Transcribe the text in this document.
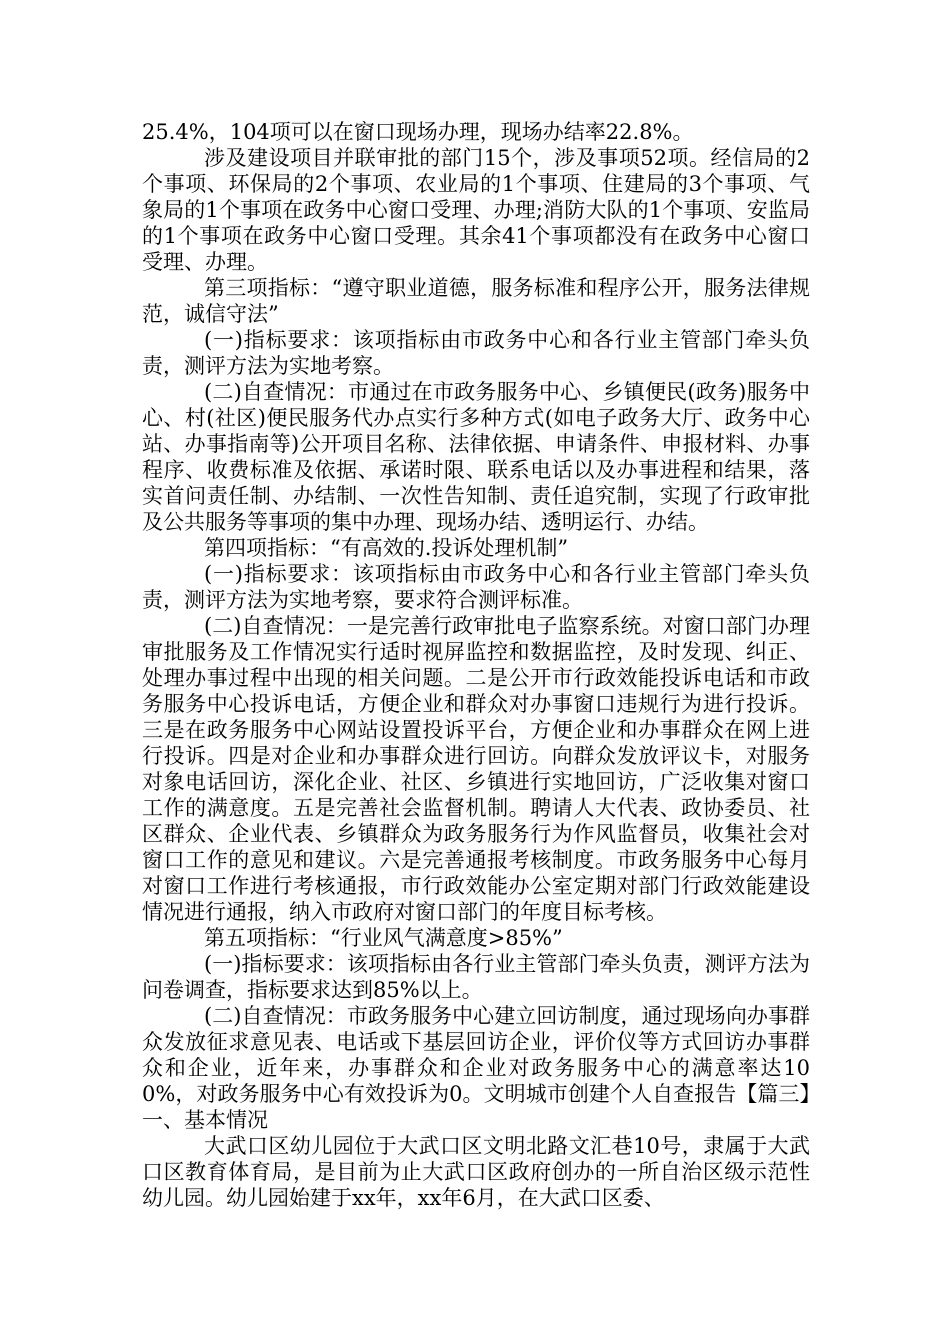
25.4%，104项可以在窗口现场办理，现场办结率22.8%。

涉及建设项目并联审批的部门15个，涉及事项52项。经信局的2个事项、环保局的2个事项、农业局的1个事项、住建局的3个事项、气象局的1个事项在政务中心窗口受理、办理;消防大队的1个事项、安监局的1个事项在政务中心窗口受理。其余41个事项都没有在政务中心窗口受理、办理。

第三项指标：“遵守职业道德，服务标准和程序公开，服务法律规范，诚信守法”

(一)指标要求：该项指标由市政务中心和各行业主管部门牵头负责，测评方法为实地考察。

(二)自查情况：市通过在市政务服务中心、乡镇便民(政务)服务中心、村(社区)便民服务代办点实行多种方式(如电子政务大厅、政务中心站、办事指南等)公开项目名称、法律依据、申请条件、申报材料、办事程序、收费标准及依据、承诺时限、联系电话以及办事进程和结果，落实首问责任制、办结制、一次性告知制、责任追究制，实现了行政审批及公共服务等事项的集中办理、现场办结、透明运行、办结。

第四项指标：“有高效的.投诉处理机制”

(一)指标要求：该项指标由市政务中心和各行业主管部门牵头负责，测评方法为实地考察，要求符合测评标准。

(二)自查情况：一是完善行政审批电子监察系统。对窗口部门办理审批服务及工作情况实行适时视屏监控和数据监控，及时发现、纠正、处理办事过程中出现的相关问题。二是公开市行政效能投诉电话和市政务服务中心投诉电话，方便企业和群众对办事窗口违规行为进行投诉。三是在政务服务中心网站设置投诉平台，方便企业和办事群众在网上进行投诉。四是对企业和办事群众进行回访。向群众发放评议卡，对服务对象电话回访，深化企业、社区、乡镇进行实地回访，广泛收集对窗口工作的满意度。五是完善社会监督机制。聘请人大代表、政协委员、社区群众、企业代表、乡镇群众为政务服务行为作风监督员，收集社会对窗口工作的意见和建议。六是完善通报考核制度。市政务服务中心每月对窗口工作进行考核通报，市行政效能办公室定期对部门行政效能建设情况进行通报，纳入市政府对窗口部门的年度目标考核。

第五项指标：“行业风气满意度>85%”

(一)指标要求：该项指标由各行业主管部门牵头负责，测评方法为问卷调查，指标要求达到85%以上。

(二)自查情况：市政务服务中心建立回访制度，通过现场向办事群众发放征求意见表、电话或下基层回访企业，评价仪等方式回访办事群众和企业，近年来，办事群众和企业对政务服务中心的满意率达100%，对政务服务中心有效投诉为0。文明城市创建个人自查报告【篇三】一、基本情况

大武口区幼儿园位于大武口区文明北路文汇巷10号，隶属于大武口区教育体育局，是目前为止大武口区政府创办的一所自治区级示范性幼儿园。幼儿园始建于xx年，xx年6月，在大武口区委、
